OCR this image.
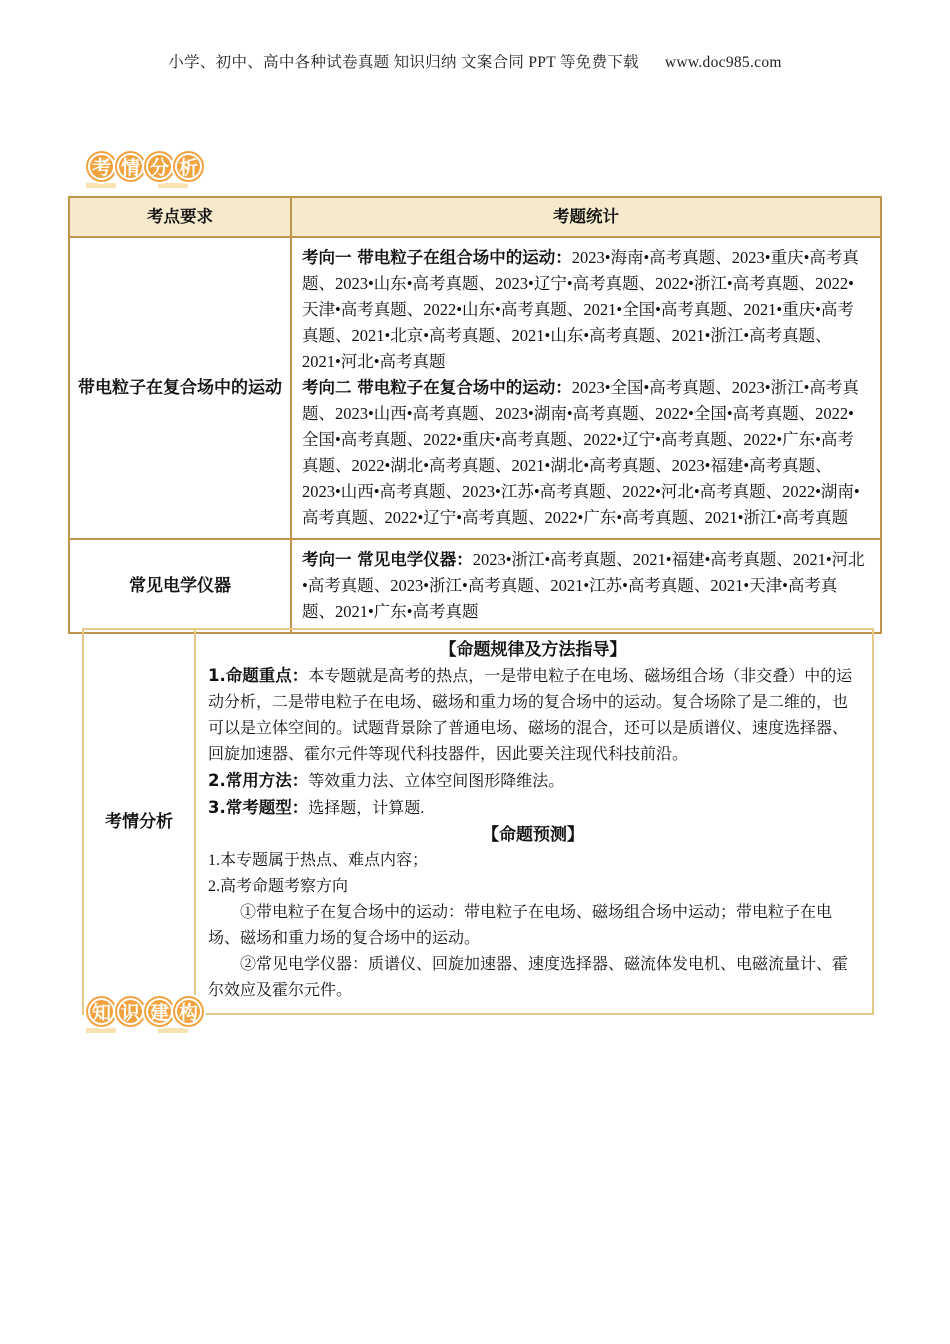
小学、初中、高中各种试卷真题 知识归纳 文案合同 PPT 等免费下载 www.doc985.com
考 情 分 析
考点要求	考题统计
带电粒子在复合场中的运动

考向一 带电粒子在组合场中的运动：2023•海南•高考真题、2023•重庆•高考真题、2023•山东•高考真题、2023•辽宁•高考真题、2022•浙江•高考真题、2022•天津•高考真题、2022•山东•高考真题、2021•全国•高考真题、2021•重庆•高考真题、2021•北京•高考真题、2021•山东•高考真题、2021•浙江•高考真题、2021•河北•高考真题

考向二 带电粒子在复合场中的运动：2023•全国•高考真题、2023•浙江•高考真题、2023•山西•高考真题、2023•湖南•高考真题、2022•全国•高考真题、2022•全国•高考真题、2022•重庆•高考真题、2022•辽宁•高考真题、2022•广东•高考真题、2022•湖北•高考真题、2021•湖北•高考真题、2023•福建•高考真题、2023•山西•高考真题、2023•江苏•高考真题、2022•河北•高考真题、2022•湖南•高考真题、2022•辽宁•高考真题、2022•广东•高考真题、2021•浙江•高考真题

常见电学仪器

考向一 常见电学仪器：2023•浙江•高考真题、2021•福建•高考真题、2021•河北•高考真题、2023•浙江•高考真题、2021•江苏•高考真题、2021•天津•高考真题、2021•广东•高考真题

考情分析

【命题规律及方法指导】

1.命题重点：本专题就是高考的热点，一是带电粒子在电场、磁场组合场（非交叠）中的运动分析，二是带电粒子在电场、磁场和重力场的复合场中的运动。复合场除了是二维的，也可以是立体空间的。试题背景除了普通电场、磁场的混合，还可以是质谱仪、速度选择器、回旋加速器、霍尔元件等现代科技器件，因此要关注现代科技前沿。

2.常用方法：等效重力法、立体空间图形降维法。

3.常考题型：选择题，计算题.

【命题预测】

1.本专题属于热点、难点内容；

2.高考命题考察方向

①带电粒子在复合场中的运动：带电粒子在电场、磁场组合场中运动；带电粒子在电场、磁场和重力场的复合场中的运动。

②常见电学仪器：质谱仪、回旋加速器、速度选择器、磁流体发电机、电磁流量计、霍尔效应及霍尔元件。

知 识 建 构
